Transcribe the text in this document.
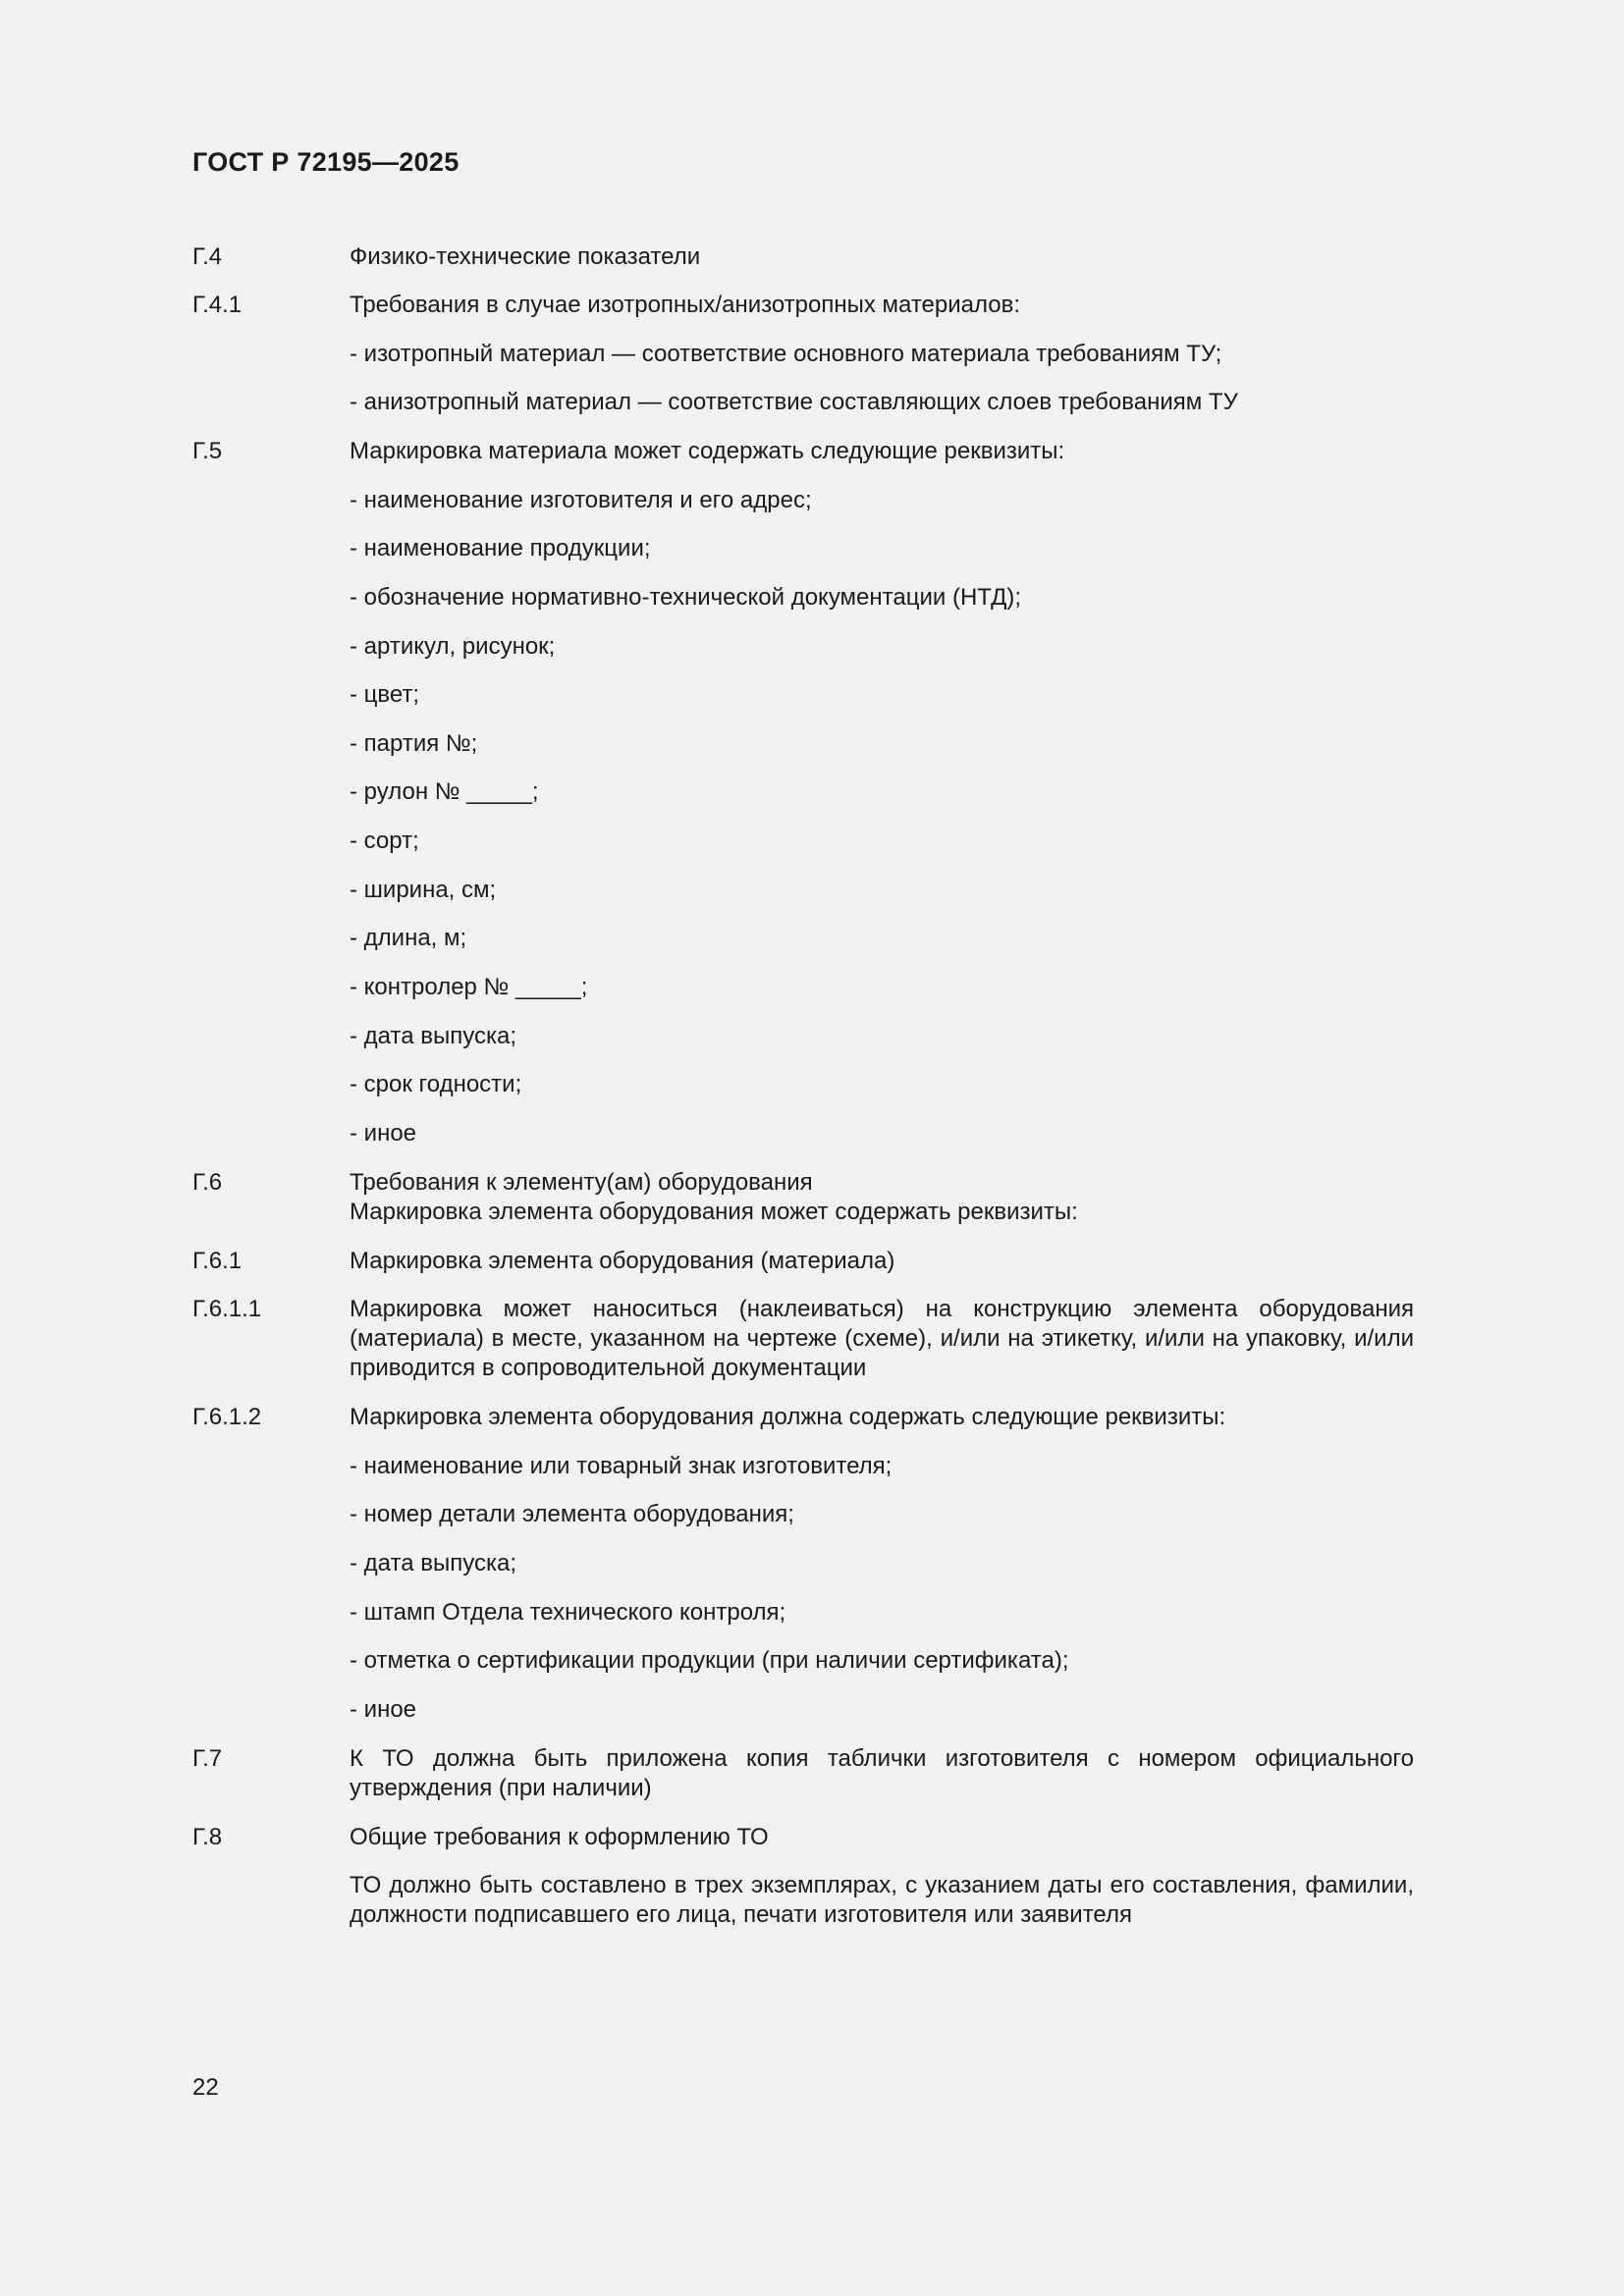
ГОСТ Р 72195—2025
Г.4	Физико-технические показатели
Г.4.1	Требования в случае изотропных/анизотропных материалов:
- изотропный материал — соответствие основного материала требованиям ТУ;
- анизотропный материал — соответствие составляющих слоев требованиям ТУ
Г.5	Маркировка материала может содержать следующие реквизиты:
- наименование изготовителя и его адрес;
- наименование продукции;
- обозначение нормативно-технической документации (НТД);
- артикул, рисунок;
- цвет;
- партия №;
- рулон № _____;
- сорт;
- ширина, см;
- длина, м;
- контролер № _____;
- дата выпуска;
- срок годности;
- иное
Г.6	Требования к элементу(ам) оборудования
Маркировка элемента оборудования может содержать реквизиты:
Г.6.1	Маркировка элемента оборудования (материала)
Г.6.1.1	Маркировка может наноситься (наклеиваться) на конструкцию элемента оборудования (материала) в месте, указанном на чертеже (схеме), и/или на этикетку, и/или на упаковку, и/или приводится в сопроводительной документации
Г.6.1.2	Маркировка элемента оборудования должна содержать следующие реквизиты:
- наименование или товарный знак изготовителя;
- номер детали элемента оборудования;
- дата выпуска;
- штамп Отдела технического контроля;
- отметка о сертификации продукции (при наличии сертификата);
- иное
Г.7	К ТО должна быть приложена копия таблички изготовителя с номером официального утверждения (при наличии)
Г.8	Общие требования к оформлению ТО
ТО должно быть составлено в трех экземплярах, с указанием даты его составления, фамилии, должности подписавшего его лица, печати изготовителя или заявителя
22
